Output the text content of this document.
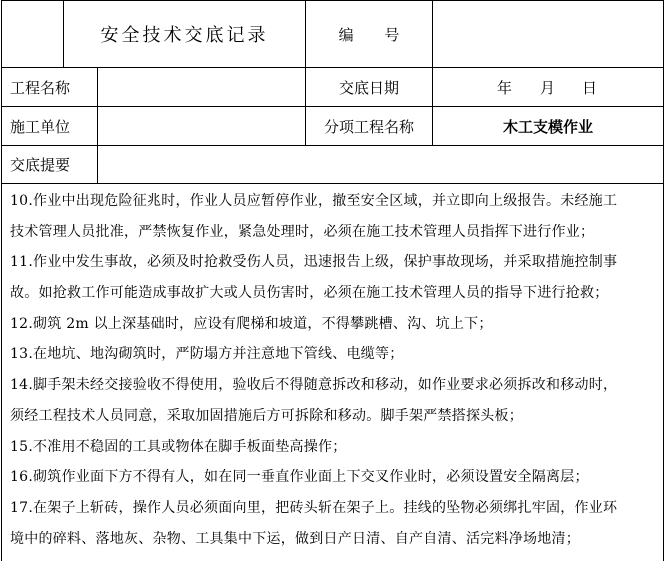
安全技术交底记录	编 号
工程名称	交底日期	年 月 日
施工单位	分项工程名称	木工支模作业
交底提要
10.作业中出现危险征兆时，作业人员应暂停作业，撤至安全区域，并立即向上级报告。未经施工
技术管理人员批准，严禁恢复作业，紧急处理时，必须在施工技术管理人员指挥下进行作业；
11.作业中发生事故，必须及时抢救受伤人员，迅速报告上级，保护事故现场，并采取措施控制事
故。如抢救工作可能造成事故扩大或人员伤害时，必须在施工技术管理人员的指导下进行抢救；
12.砌筑 2m 以上深基础时，应设有爬梯和坡道，不得攀跳槽、沟、坑上下；
13.在地坑、地沟砌筑时，严防塌方并注意地下管线、电缆等；
14.脚手架未经交接验收不得使用，验收后不得随意拆改和移动，如作业要求必须拆改和移动时，
须经工程技术人员同意，采取加固措施后方可拆除和移动。脚手架严禁搭探头板；
15.不准用不稳固的工具或物体在脚手板面垫高操作；
16.砌筑作业面下方不得有人，如在同一垂直作业面上下交叉作业时，必须设置安全隔离层；
17.在架子上斩砖，操作人员必须面向里，把砖头斩在架子上。挂线的坠物必须绑扎牢固，作业环
境中的碎料、落地灰、杂物、工具集中下运，做到日产日清、自产自清、活完料净场地清；
